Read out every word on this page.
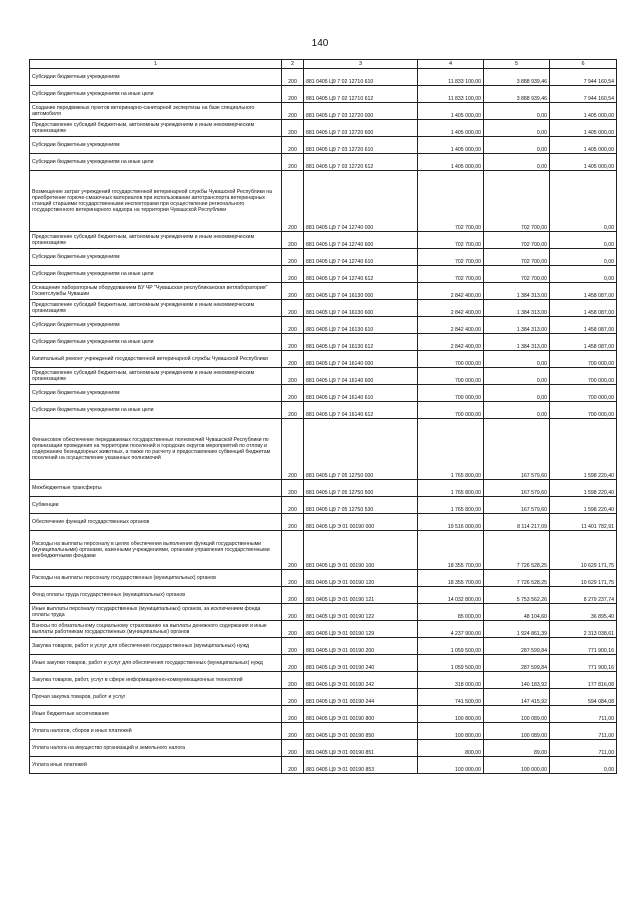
140
1	2	3	4	5	6
Субсидии бюджетным учреждениям	200	881 0405 Ц9 7 02 12710 610	11 833 100,00	3 888 939,46	7 944 160,54
Субсидии бюджетным учреждениям на иные цели	200	881 0405 Ц9 7 02 12710 612	11 833 100,00	3 888 939,46	7 944 160,54
Создание передвижных пунктов ветеринарно-санитарной экспертизы на базе специального автомобиля	200	881 0405 Ц9 7 03 12720 000	1 405 000,00	0,00	1 405 000,00
Предоставление субсидий бюджетным, автономным учреждениям и иным некоммерческим организациям	200	881 0405 Ц9 7 03 12720 600	1 405 000,00	0,00	1 405 000,00
Субсидии бюджетным учреждениям	200	881 0405 Ц9 7 03 12720 610	1 405 000,00	0,00	1 405 000,00
Субсидии бюджетным учреждениям на иные цели	200	881 0405 Ц9 7 03 12720 612	1 405 000,00	0,00	1 405 000,00
Возмещение затрат учреждений государственной ветеринарной службы Чувашской Республики на приобретение горюче-смазочных материалов при использовании автотранспорта ветеринарных станций старшими государственными инспекторами при осуществлении регионального государственного ветеринарного надзора на территории Чувашской Республики	200	881 0405 Ц9 7 04 12740 000	702 700,00	702 700,00	0,00
Предоставление субсидий бюджетным, автономным учреждениям и иным некоммерческим организациям	200	881 0405 Ц9 7 04 12740 600	702 700,00	702 700,00	0,00
Субсидии бюджетным учреждениям	200	881 0405 Ц9 7 04 12740 610	702 700,00	702 700,00	0,00
Субсидии бюджетным учреждениям на иные цели	200	881 0405 Ц9 7 04 12740 612	702 700,00	702 700,00	0,00
Оснащение лабораторным оборудованием БУ ЧР "Чувашская республиканская ветлаборатория" Госветслужбы Чувашии	200	881 0405 Ц9 7 04 16130 000	2 842 400,00	1 384 313,00	1 458 087,00
Предоставление субсидий бюджетным, автономным учреждениям и иным некоммерческим организациям	200	881 0405 Ц9 7 04 16130 600	2 842 400,00	1 384 313,00	1 458 087,00
Субсидии бюджетным учреждениям	200	881 0405 Ц9 7 04 16130 610	2 842 400,00	1 384 313,00	1 458 087,00
Субсидии бюджетным учреждениям на иные цели	200	881 0405 Ц9 7 04 16130 612	2 842 400,00	1 384 313,00	1 458 087,00
Капитальный ремонт учреждений государственной ветеринарной службы Чувашской Республики	200	881 0405 Ц9 7 04 16140 000	700 000,00	0,00	700 000,00
Предоставление субсидий бюджетным, автономным учреждениям и иным некоммерческим организациям	200	881 0405 Ц9 7 04 16140 600	700 000,00	0,00	700 000,00
Субсидии бюджетным учреждениям	200	881 0405 Ц9 7 04 16140 610	700 000,00	0,00	700 000,00
Субсидии бюджетным учреждениям на иные цели	200	881 0405 Ц9 7 04 16140 612	700 000,00	0,00	700 000,00
Финансовое обеспечение передаваемых государственных полномочий Чувашской Республики по организации проведения на территории поселений и городских округов мероприятий по отлову и содержанию безнадзорных животных, а также по расчету и предоставлению субвенций бюджетам поселений на осуществление указанных полномочий	200	881 0405 Ц9 7 05 12750 000	1 765 800,00	167 579,60	1 598 220,40
Межбюджетные трансферты	200	881 0405 Ц9 7 05 12750 500	1 765 800,00	167 579,60	1 598 220,40
Субвенции	200	881 0405 Ц9 7 05 12750 530	1 765 800,00	167 579,60	1 598 220,40
Обеспечение функций государственных органов	200	881 0405 Ц9 Э 01 00190 000	19 516 000,00	8 114 217,09	11 401 782,91
Расходы на выплаты персоналу в целях обеспечения выполнения функций государственными (муниципальными) органами, казенными учреждениями, органами управления государственными внебюджетными фондами	200	881 0405 Ц9 Э 01 00190 100	18 355 700,00	7 726 528,25	10 629 171,75
Расходы на выплаты персоналу государственных (муниципальных) органов	200	881 0405 Ц9 Э 01 00190 120	18 355 700,00	7 726 528,25	10 629 171,75
Фонд оплаты труда государственных (муниципальных) органов	200	881 0405 Ц9 Э 01 00190 121	14 032 800,00	5 753 562,26	8 279 237,74
Иные выплаты персоналу государственных (муниципальных) органов, за исключением фонда оплаты труда	200	881 0405 Ц9 Э 01 00190 122	85 000,00	48 104,60	36 895,40
Взносы по обязательному социальному страхованию на выплаты денежного содержания и иные выплаты работникам государственных (муниципальных) органов	200	881 0405 Ц9 Э 01 00190 129	4 237 900,00	1 924 861,39	2 313 038,61
Закупка товаров, работ и услуг для обеспечения государственных (муниципальных) нужд	200	881 0405 Ц9 Э 01 00190 200	1 059 500,00	287 599,84	771 900,16
Иные закупки товаров, работ и услуг для обеспечения государственных (муниципальных) нужд	200	881 0405 Ц9 Э 01 00190 240	1 059 500,00	287 599,84	771 900,16
Закупка товаров, работ, услуг в сфере информационно-коммуникационных технологий	200	881 0405 Ц9 Э 01 00190 242	318 000,00	140 183,92	177 816,08
Прочая закупка товаров, работ и услуг	200	881 0405 Ц9 Э 01 00190 244	741 500,00	147 415,92	594 084,08
Иные бюджетные ассигнования	200	881 0405 Ц9 Э 01 00190 800	100 800,00	100 089,00	711,00
Уплата налогов, сборов и иных платежей	200	881 0405 Ц9 Э 01 00190 850	100 800,00	100 089,00	711,00
Уплата налога на имущество организаций и земельного налога	200	881 0405 Ц9 Э 01 00190 851	800,00	89,00	711,00
Уплата иных платежей	200	881 0405 Ц9 Э 01 00190 853	100 000,00	100 000,00	0,00
